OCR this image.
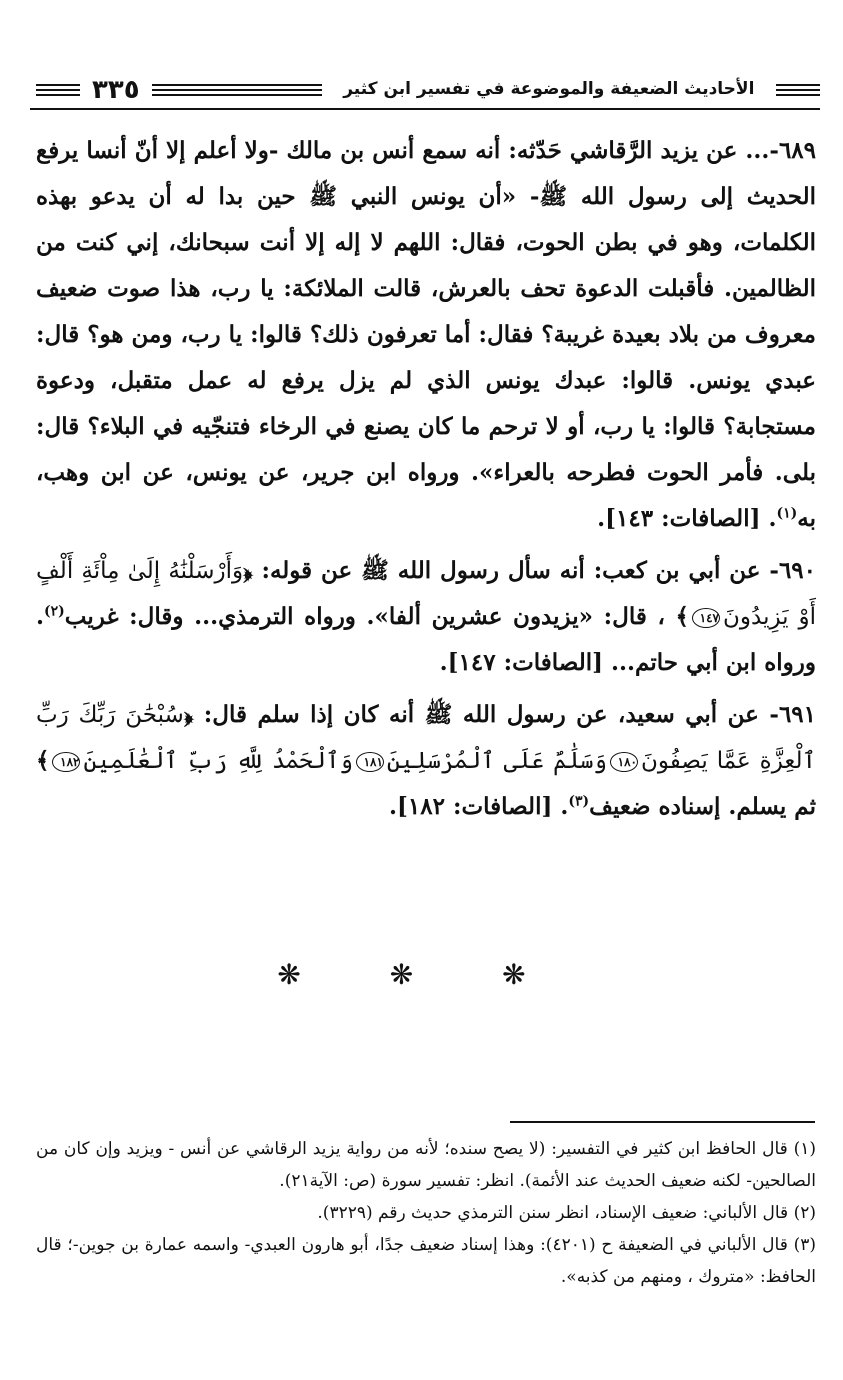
الأحاديث الضعيفة والموضوعة في تفسير ابن كثير
٣٣٥

٦٨٩-... عن يزيد الرَّقاشي حَدّثه: أنه سمع أنس بن مالك -ولا أعلم إلا أنّ أنسا يرفع الحديث إلى رسول الله ﷺ- «أن يونس النبي ﷺ حين بدا له أن يدعو بهذه الكلمات، وهو في بطن الحوت، فقال: اللهم لا إله إلا أنت سبحانك، إني كنت من الظالمين. فأقبلت الدعوة تحف بالعرش، قالت الملائكة: يا رب، هذا صوت ضعيف معروف من بلاد بعيدة غريبة؟ فقال: أما تعرفون ذلك؟ قالوا: يا رب، ومن هو؟ قال: عبدي يونس. قالوا: عبدك يونس الذي لم يزل يرفع له عمل متقبل، ودعوة مستجابة؟ قالوا: يا رب، أو لا ترحم ما كان يصنع في الرخاء فتنجّيه في البلاء؟ قال: بلى. فأمر الحوت فطرحه بالعراء». ورواه ابن جرير، عن يونس، عن ابن وهب، به$^{(١)}$. [الصافات: ١٤٣].

٦٩٠- عن أبي بن كعب: أنه سأل رسول الله ﷺ عن قوله: ﴿وَأَرْسَلْنَٰهُ إِلَىٰ مِاْئَةِ أَلْفٍ أَوْ يَزِيدُونَ١٤٧﴾ ، قال: «يزيدون عشرين ألفا». ورواه الترمذي... وقال: غريب$^{(٢)}$. ورواه ابن أبي حاتم... [الصافات: ١٤٧].

٦٩١- عن أبي سعيد، عن رسول الله ﷺ أنه كان إذا سلم قال: ﴿سُبْحَٰنَ رَبِّكَ رَبِّ ٱلْعِزَّةِ عَمَّا يَصِفُونَ١٨٠وَسَلَٰمٌ عَلَى ٱلْمُرْسَلِينَ١٨١وَٱلْحَمْدُ لِلَّهِ رَبِّ ٱلْعَٰلَمِينَ١٨٢﴾ ثم يسلم. إسناده ضعيف$^{(٣)}$. [الصافات: ١٨٢].

❋ ❋ ❋

(١) قال الحافظ ابن كثير في التفسير: (لا يصح سنده؛ لأنه من رواية يزيد الرقاشي عن أنس - ويزيد وإن كان من الصالحين- لكنه ضعيف الحديث عند الأئمة). انظر: تفسير سورة (ص: الآية٢١).

(٢) قال الألباني: ضعيف الإسناد، انظر سنن الترمذي حديث رقم (٣٢٢٩).

(٣) قال الألباني في الضعيفة ح (٤٢٠١): وهذا إسناد ضعيف جدًا، أبو هارون العبدي- واسمه عمارة بن جوين-؛ قال الحافظ: «متروك ، ومنهم من كذبه».
